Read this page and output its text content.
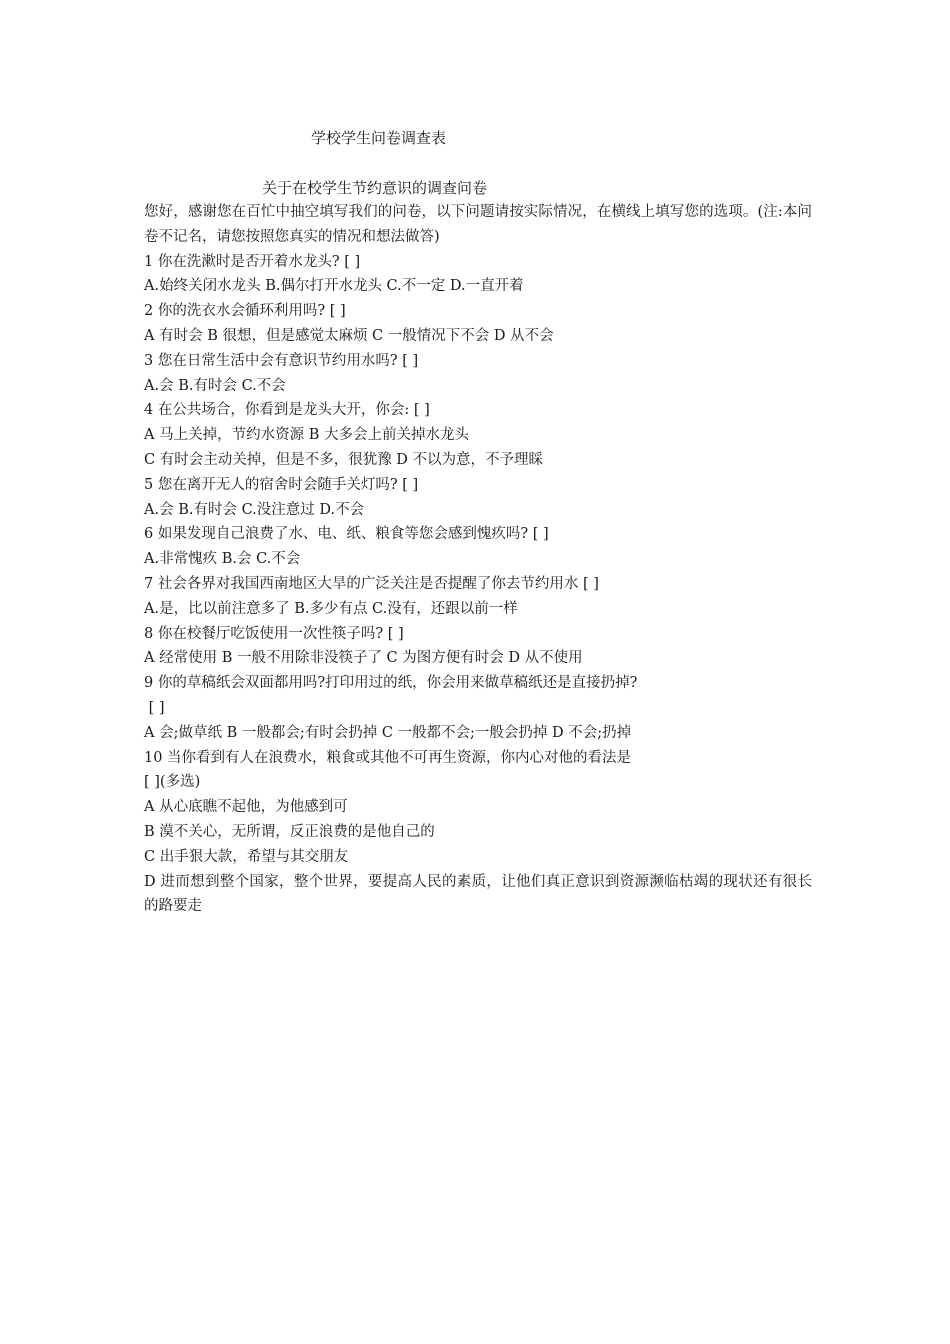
学校学生问卷调查表
关于在校学生节约意识的调查问卷
您好，感谢您在百忙中抽空填写我们的问卷，以下问题请按实际情况，在横线上填写您的选项。(注:本问卷不记名，请您按照您真实的情况和想法做答)
1 你在洗漱时是否开着水龙头? [ ]
A.始终关闭水龙头 B.偶尔打开水龙头 C.不一定 D.一直开着
2 你的洗衣水会循环利用吗? [ ]
A 有时会 B 很想，但是感觉太麻烦 C 一般情况下不会 D 从不会
3 您在日常生活中会有意识节约用水吗? [ ]
A.会 B.有时会 C.不会
4 在公共场合，你看到是龙头大开，你会: [ ]
A 马上关掉，节约水资源 B 大多会上前关掉水龙头
C 有时会主动关掉，但是不多，很犹豫 D 不以为意，不予理睬
5 您在离开无人的宿舍时会随手关灯吗? [ ]
A.会 B.有时会 C.没注意过 D.不会
6 如果发现自己浪费了水、电、纸、粮食等您会感到愧疚吗? [ ]
A.非常愧疚 B.会 C.不会
7 社会各界对我国西南地区大旱的广泛关注是否提醒了你去节约用水 [ ]
A.是，比以前注意多了 B.多少有点 C.没有，还跟以前一样
8 你在校餐厅吃饭使用一次性筷子吗? [ ]
A 经常使用 B 一般不用除非没筷子了 C 为图方便有时会 D 从不使用
9 你的草稿纸会双面都用吗?打印用过的纸，你会用来做草稿纸还是直接扔掉?
[ ]
A 会;做草纸 B 一般都会;有时会扔掉 C 一般都不会;一般会扔掉 D 不会;扔掉
10 当你看到有人在浪费水，粮食或其他不可再生资源，你内心对他的看法是
[ ](多选)
A 从心底瞧不起他，为他感到可
B 漠不关心，无所谓，反正浪费的是他自己的
C 出手狠大款，希望与其交朋友
D 进而想到整个国家，整个世界，要提高人民的素质，让他们真正意识到资源濒临枯竭的现状还有很长的路要走
